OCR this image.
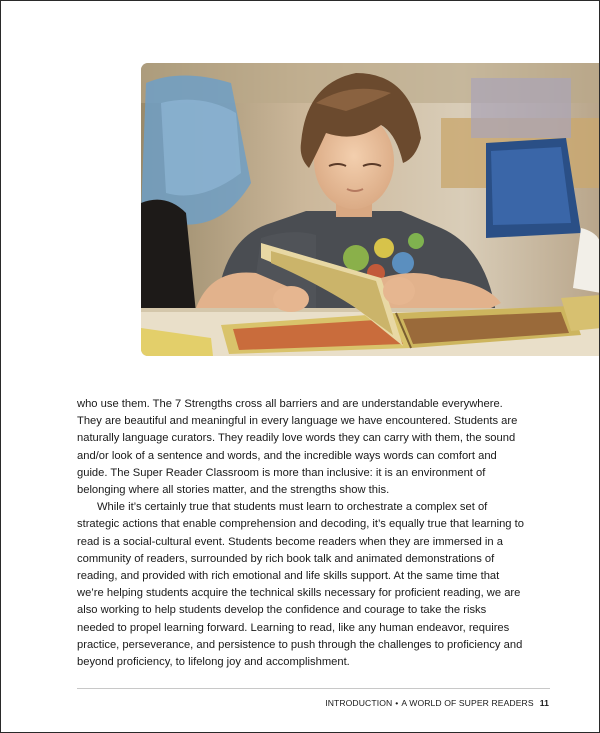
who use them. The 7 Strengths cross all barriers and are understandable everywhere. They are beautiful and meaningful in every language we have encountered. Students are naturally language curators. They readily love words they can carry with them, the sound and/or look of a sentence and words, and the incredible ways words can comfort and guide. The Super Reader Classroom is more than inclusive: it is an environment of belonging where all stories matter, and the strengths show this.

While it’s certainly true that students must learn to orchestrate a complex set of strategic actions that enable comprehension and decoding, it’s equally true that learning to read is a social-cultural event. Students become readers when they are immersed in a community of readers, surrounded by rich book talk and animated demonstrations of reading, and provided with rich emotional and life skills support. At the same time that we’re helping students acquire the technical skills necessary for proficient reading, we are also working to help students develop the confidence and courage to take the risks needed to propel learning forward. Learning to read, like any human endeavor, requires practice, perseverance, and persistence to push through the challenges to proficiency and beyond proficiency, to lifelong joy and accomplishment.

INTRODUCTION • A WORLD OF SUPER READERS 11
